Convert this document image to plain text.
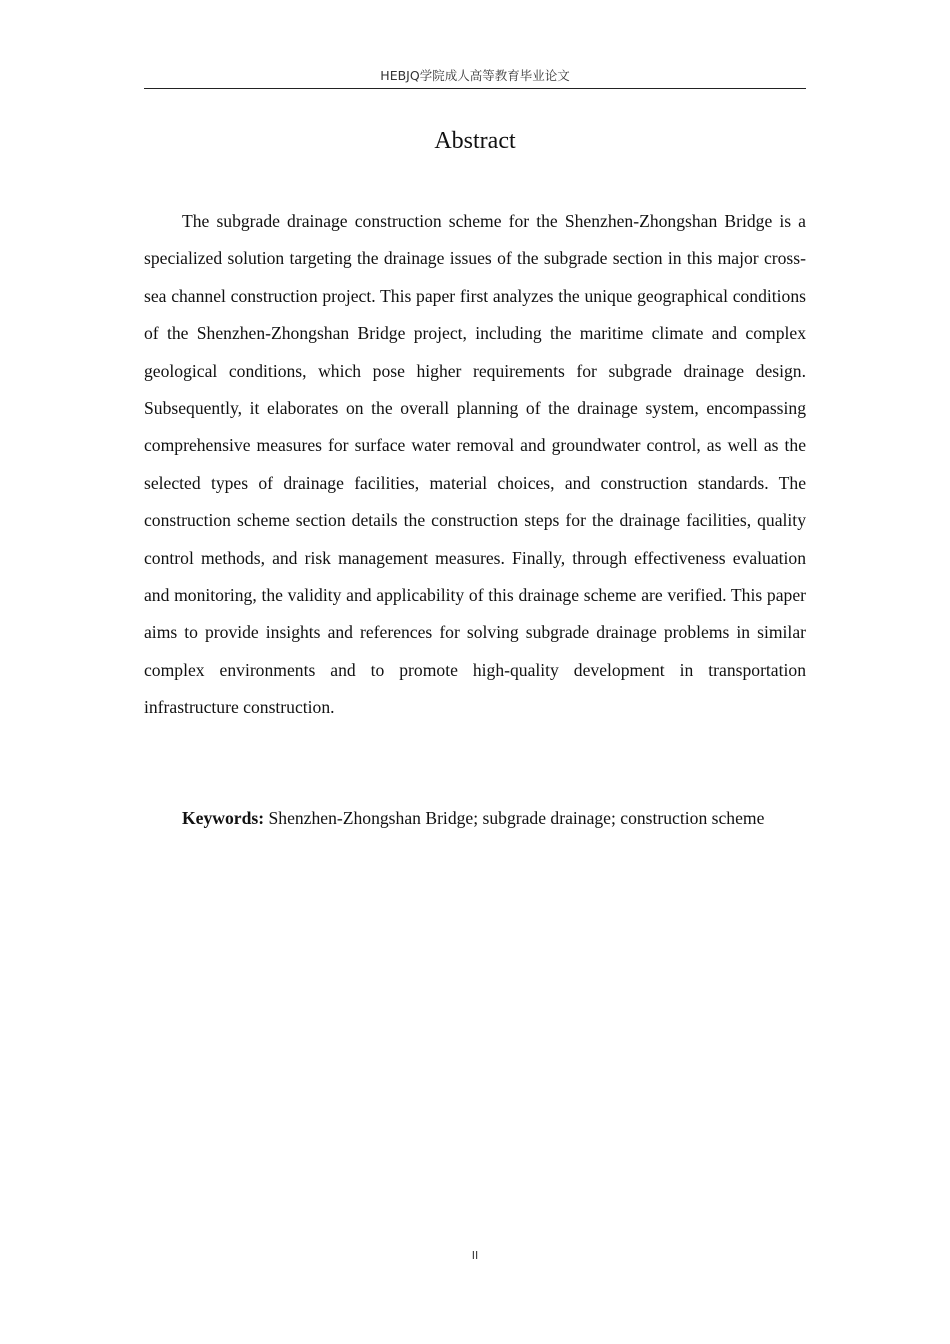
HEBJQ学院成人高等教育毕业论文
Abstract

The subgrade drainage construction scheme for the Shenzhen-Zhongshan Bridge is a specialized solution targeting the drainage issues of the subgrade section in this major cross-sea channel construction project. This paper first analyzes the unique geographical conditions of the Shenzhen-Zhongshan Bridge project, including the maritime climate and complex geological conditions, which pose higher requirements for subgrade drainage design. Subsequently, it elaborates on the overall planning of the drainage system, encompassing comprehensive measures for surface water removal and groundwater control, as well as the selected types of drainage facilities, material choices, and construction standards. The construction scheme section details the construction steps for the drainage facilities, quality control methods, and risk management measures. Finally, through effectiveness evaluation and monitoring, the validity and applicability of this drainage scheme are verified. This paper aims to provide insights and references for solving subgrade drainage problems in similar complex environments and to promote high-quality development in transportation infrastructure construction.

Keywords: Shenzhen-Zhongshan Bridge; subgrade drainage; construction scheme

II
